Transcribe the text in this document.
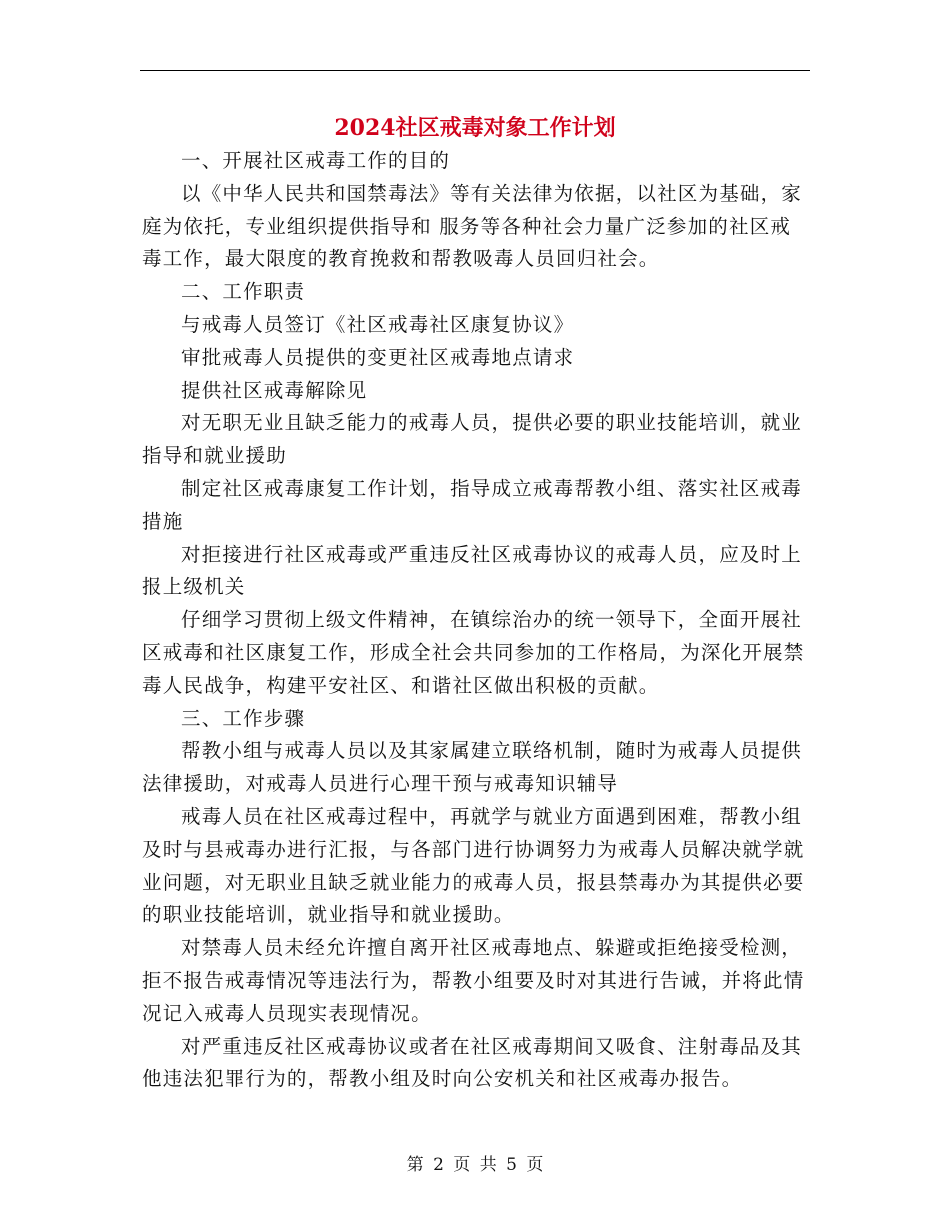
2024社区戒毒对象工作计划

一、开展社区戒毒工作的目的

以《中华人民共和国禁毒法》等有关法律为依据，以社区为基础，家庭为依托，专业组织提供指导和 服务等各种社会力量广泛参加的社区戒毒工作，最大限度的教育挽救和帮教吸毒人员回归社会。

二、工作职责

与戒毒人员签订《社区戒毒社区康复协议》

审批戒毒人员提供的变更社区戒毒地点请求

提供社区戒毒解除见

对无职无业且缺乏能力的戒毒人员，提供必要的职业技能培训，就业指导和就业援助

制定社区戒毒康复工作计划，指导成立戒毒帮教小组、落实社区戒毒措施

对拒接进行社区戒毒或严重违反社区戒毒协议的戒毒人员，应及时上报上级机关

仔细学习贯彻上级文件精神，在镇综治办的统一领导下，全面开展社区戒毒和社区康复工作，形成全社会共同参加的工作格局，为深化开展禁毒人民战争，构建平安社区、和谐社区做出积极的贡献。

三、工作步骤

帮教小组与戒毒人员以及其家属建立联络机制，随时为戒毒人员提供法律援助，对戒毒人员进行心理干预与戒毒知识辅导

戒毒人员在社区戒毒过程中，再就学与就业方面遇到困难，帮教小组及时与县戒毒办进行汇报，与各部门进行协调努力为戒毒人员解决就学就业问题，对无职业且缺乏就业能力的戒毒人员，报县禁毒办为其提供必要的职业技能培训，就业指导和就业援助。

对禁毒人员未经允许擅自离开社区戒毒地点、躲避或拒绝接受检测，拒不报告戒毒情况等违法行为，帮教小组要及时对其进行告诫，并将此情况记入戒毒人员现实表现情况。

对严重违反社区戒毒协议或者在社区戒毒期间又吸食、注射毒品及其他违法犯罪行为的，帮教小组及时向公安机关和社区戒毒办报告。

第 2 页 共 5 页
